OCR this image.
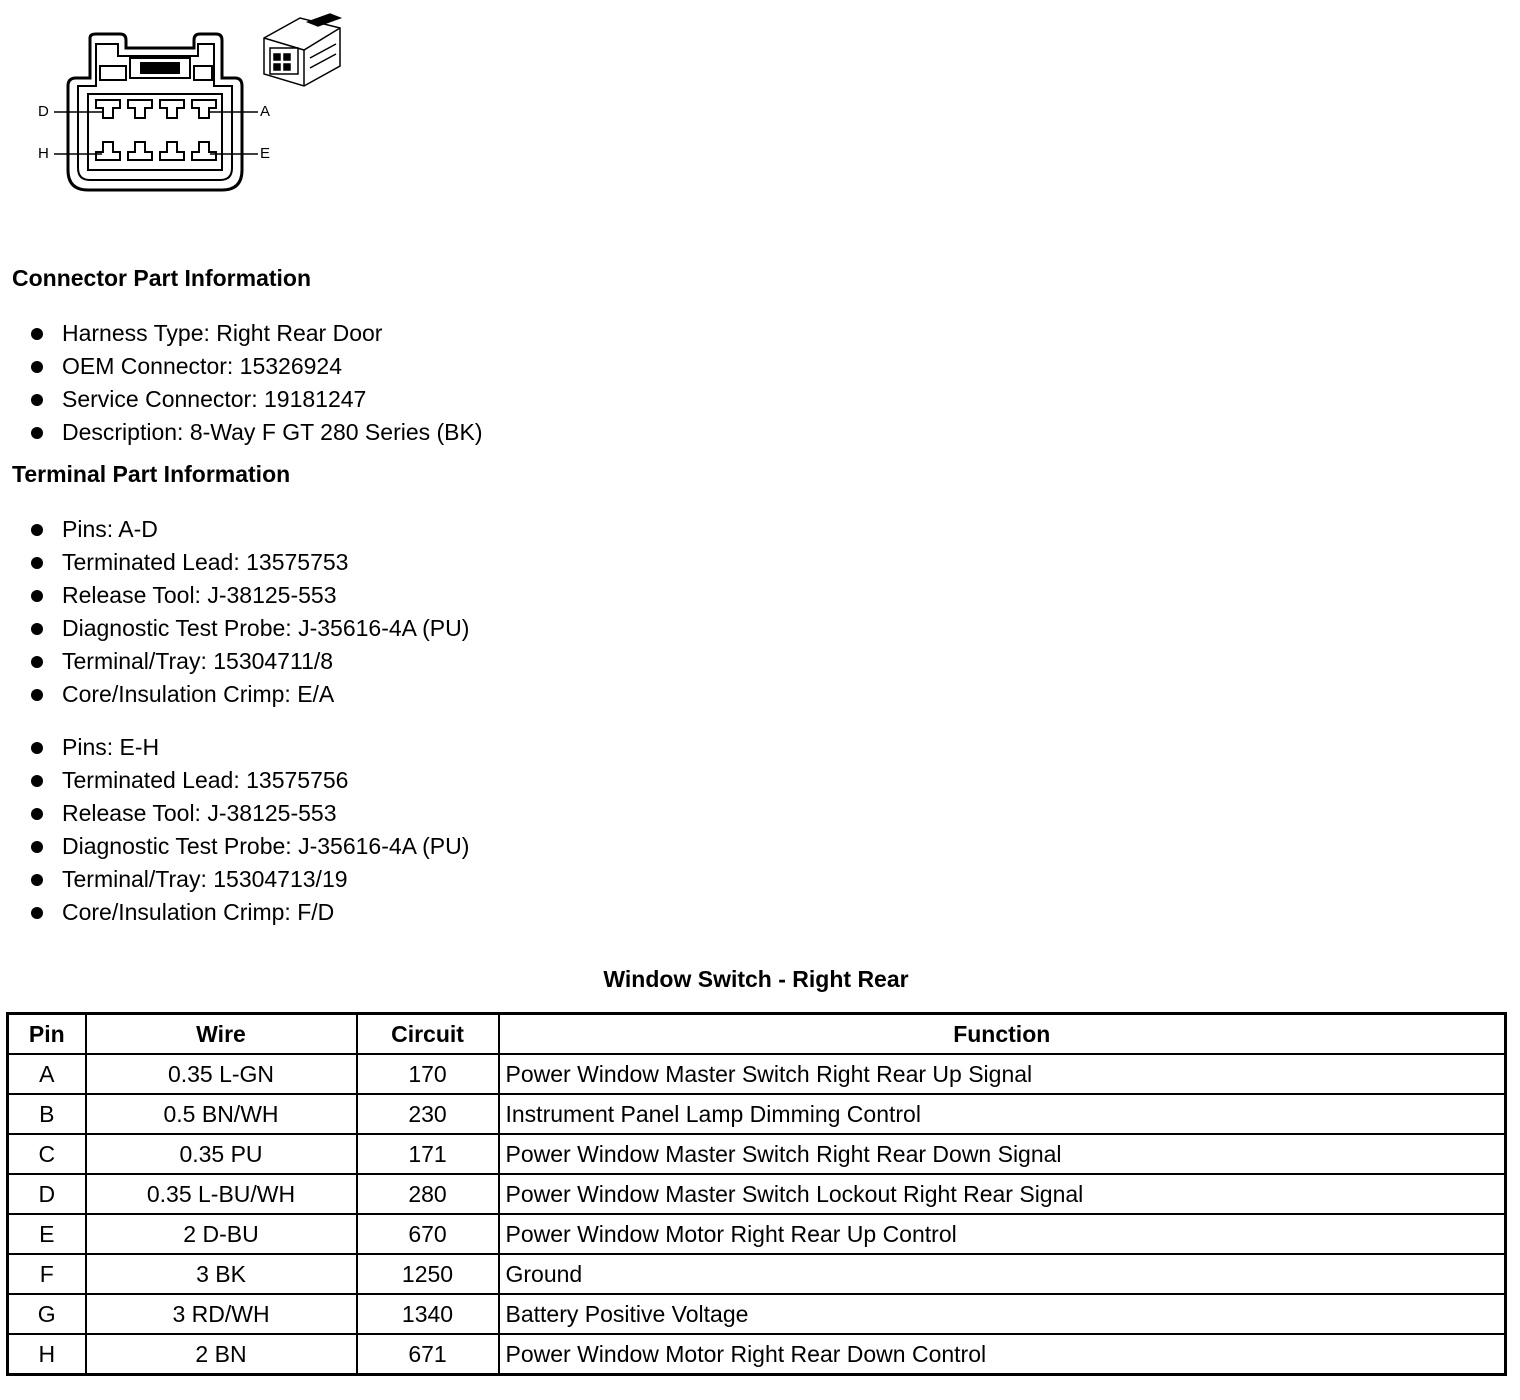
D	A
H	E
Connector Part Information
Harness Type: Right Rear Door
OEM Connector: 15326924
Service Connector: 19181247
Description: 8-Way F GT 280 Series (BK)
Terminal Part Information
Pins: A-D
Terminated Lead: 13575753
Release Tool: J-38125-553
Diagnostic Test Probe: J-35616-4A (PU)
Terminal/Tray: 15304711/8
Core/Insulation Crimp: E/A
Pins: E-H
Terminated Lead: 13575756
Release Tool: J-38125-553
Diagnostic Test Probe: J-35616-4A (PU)
Terminal/Tray: 15304713/19
Core/Insulation Crimp: F/D
Window Switch - Right Rear
Pin	Wire	Circuit	Function
A	0.35 L-GN	170	Power Window Master Switch Right Rear Up Signal
B	0.5 BN/WH	230	Instrument Panel Lamp Dimming Control
C	0.35 PU	171	Power Window Master Switch Right Rear Down Signal
D	0.35 L-BU/WH	280	Power Window Master Switch Lockout Right Rear Signal
E	2 D-BU	670	Power Window Motor Right Rear Up Control
F	3 BK	1250	Ground
G	3 RD/WH	1340	Battery Positive Voltage
H	2 BN	671	Power Window Motor Right Rear Down Control
